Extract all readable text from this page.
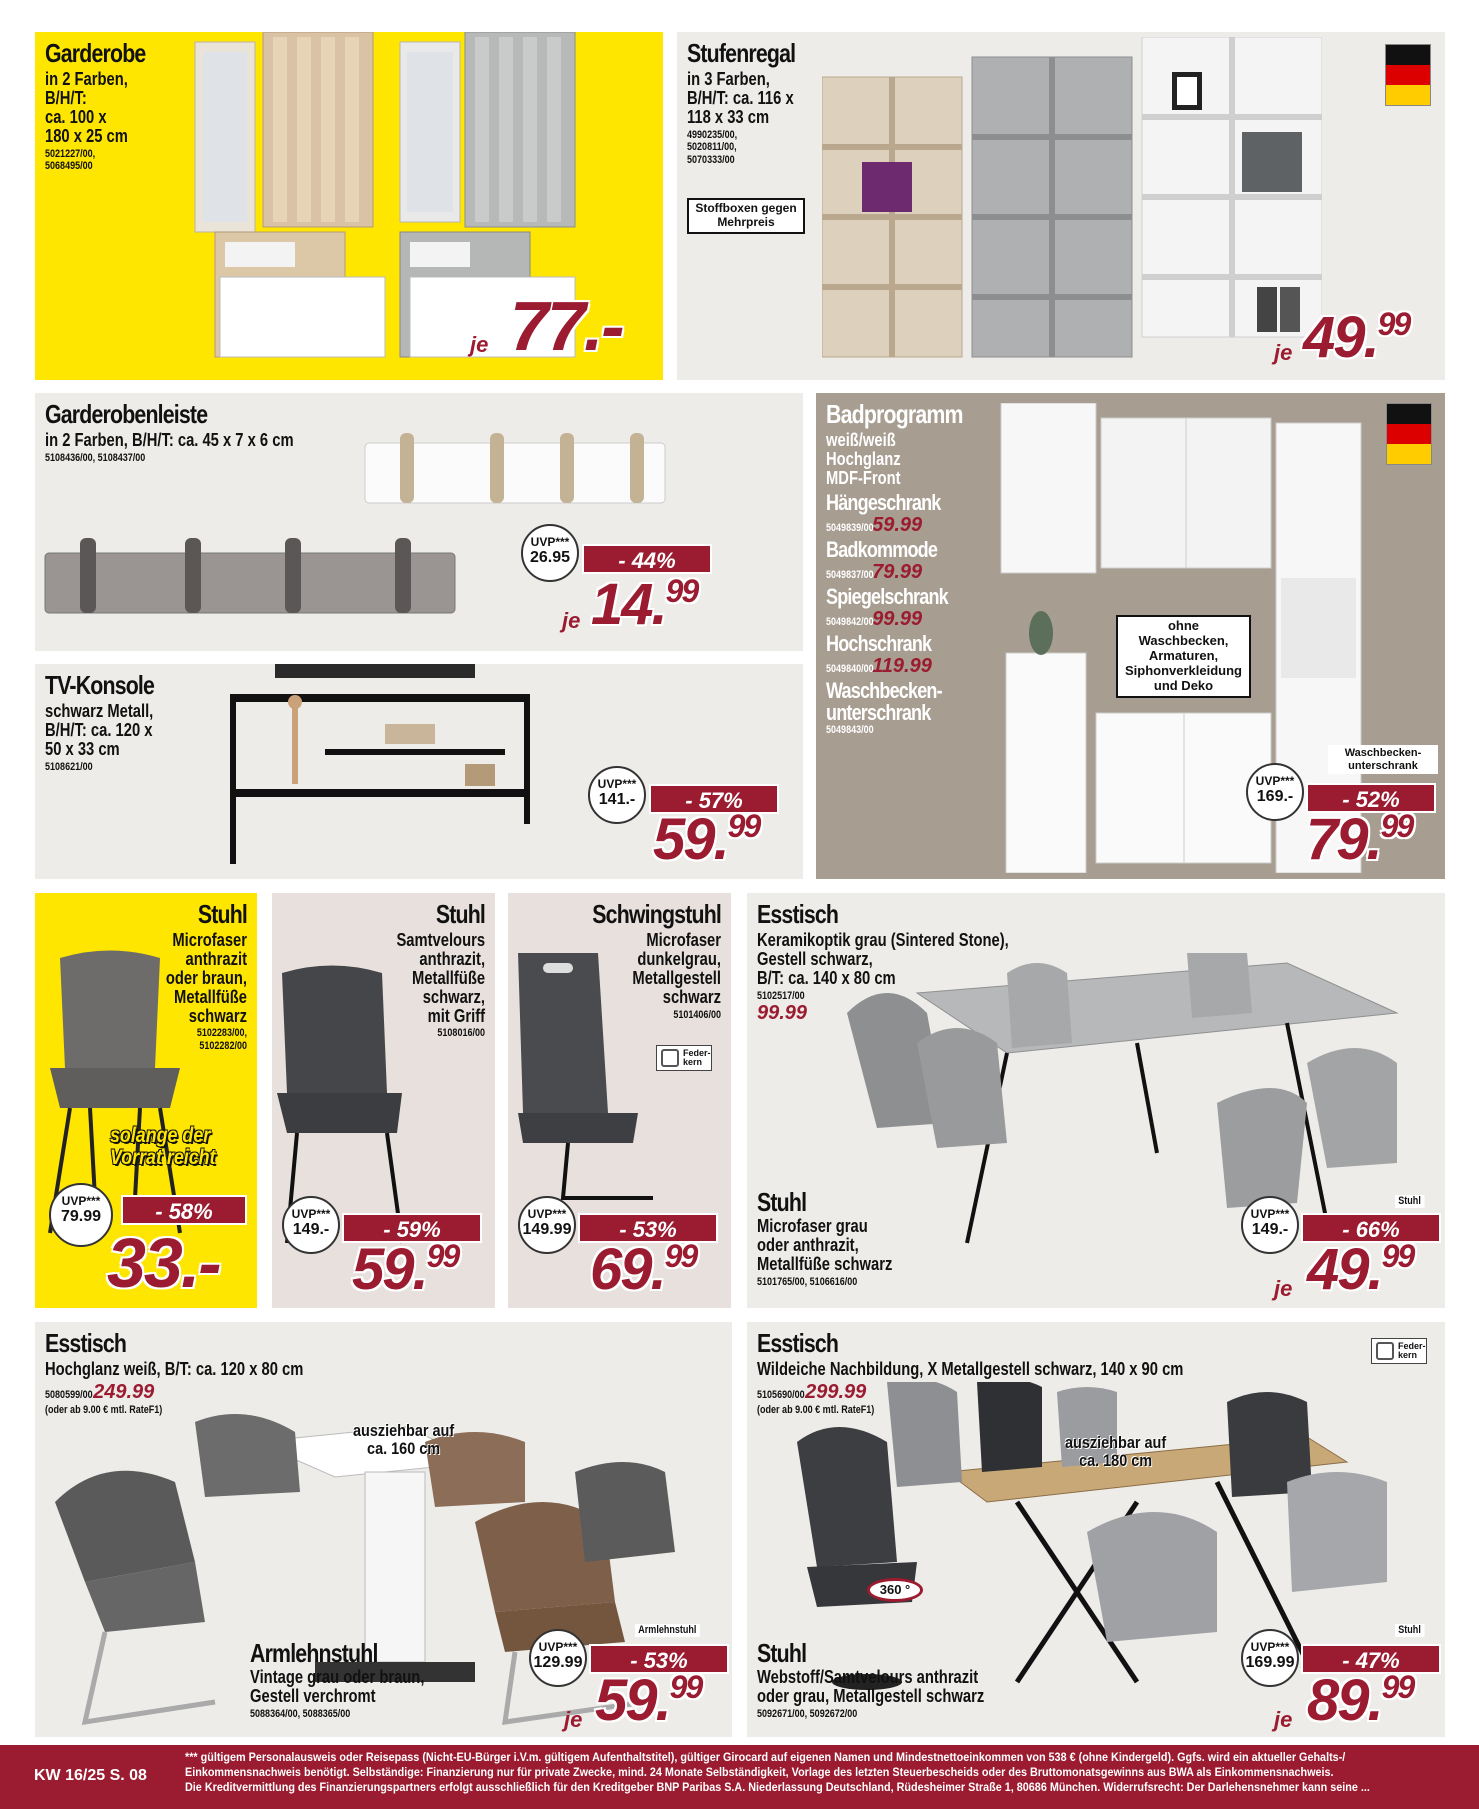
Garderobe
in 2 Farben,
B/H/T:
ca. 100 x
180 x 25 cm
5021227/00,
5068495/00
je 77.-
Stufenregal
in 3 Farben,
B/H/T: ca. 116 x
118 x 33 cm
4990235/00,
5020811/00,
5070333/00
Stoffboxen gegen
Mehrpreis
je 49.99
Garderobenleiste
in 2 Farben, B/H/T: ca. 45 x 7 x 6 cm
5108436/00, 5108437/00
UVP***
26.95	- 44%
je 14.99
Badprogramm
weiß/weiß
Hochglanz
MDF-Front
Hängeschrank
5049839/0059.99
Badkommode
5049837/0079.99
Spiegelschrank
5049842/0099.99
Hochschrank
5049840/00119.99
Waschbecken-
unterschrank
5049843/00
ohne Waschbecken,
Armaturen,
Siphonverkleidung
und Deko
Waschbecken-
unterschrank
UVP***
169.-	- 52%
79.99
TV-Konsole
schwarz Metall,
B/H/T: ca. 120 x
50 x 33 cm
5108621/00
UVP***
141.-	- 57%
59.99
Stuhl
Microfaser
anthrazit
oder braun,
Metallfüße
schwarz
5102283/00,
5102282/00
solange der
Vorrat reicht
UVP***
79.99	- 58%
33.-
Stuhl
Samtvelours
anthrazit,
Metallfüße
schwarz,
mit Griff
5108016/00
UVP***
149.-	- 59%
59.99
Schwingstuhl
Microfaser
dunkelgrau,
Metallgestell
schwarz
5101406/00
Feder-
kern
UVP***
149.99	- 53%
69.99
Esstisch
Keramikoptik grau (Sintered Stone),
Gestell schwarz,
B/T: ca. 140 x 80 cm
5102517/00
99.99
Stuhl
Microfaser grau
oder anthrazit,
Metallfüße schwarz
5101765/00, 5106616/00
Stuhl
UVP***
149.-	- 66%
je 49.99
Esstisch
Hochglanz weiß, B/T: ca. 120 x 80 cm
5080599/00249.99
(oder ab 9.00 € mtl. RateF1)
ausziehbar auf
ca. 160 cm
Armlehnstuhl
Vintage grau oder braun,
Gestell verchromt
5088364/00, 5088365/00
Armlehnstuhl
UVP***
129.99	- 53%
je 59.99
Esstisch
Wildeiche Nachbildung, X Metallgestell schwarz, 140 x 90 cm
5105690/00299.99
(oder ab 9.00 € mtl. RateF1)
Feder-
kern
ausziehbar auf
ca. 180 cm
360 °
Stuhl
Webstoff/Samtvelours anthrazit
oder grau, Metallgestell schwarz
5092671/00, 5092672/00
Stuhl
UVP***
169.99	- 47%
je 89.99
KW 16/25 S. 08
*** gültigem Personalausweis oder Reisepass (Nicht-EU-Bürger i.V.m. gültigem Aufenthaltstitel), gültiger Girocard auf eigenen Namen und Mindestnettoeinkommen von 538 € (ohne Kindergeld). Ggfs. wird ein aktueller Gehalts-/
Einkommensnachweis benötigt. Selbständige: Finanzierung nur für private Zwecke, mind. 24 Monate Selbständigkeit, Vorlage des letzten Steuerbescheids oder des Bruttomonatsgewinns aus BWA als Einkommensnachweis.
Die Kreditvermittlung des Finanzierungspartners erfolgt ausschließlich für den Kreditgeber BNP Paribas S.A. Niederlassung Deutschland, Rüdesheimer Straße 1, 80686 München. Widerrufsrecht: Der Darlehensnehmer kann seine ...
